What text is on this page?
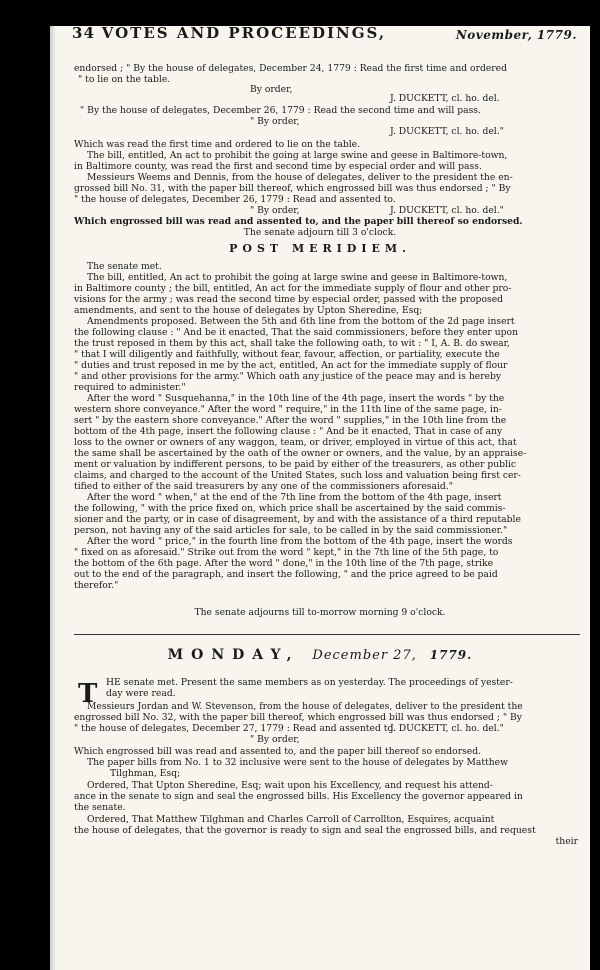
34 VOTES AND PROCEEDINGS,	November, 1779.
endorsed ; " By the house of delegates, December 24, 1779 : Read the first time and ordered
" to lie on the table.
By order,
J. DUCKETT, cl. ho. del.
" By the house of delegates, December 26, 1779 : Read the second time and will pass.
" By order,
J. DUCKETT, cl. ho. del."
Which was read the first time and ordered to lie on the table.
The bill, entitled, An act to prohibit the going at large swine and geese in Baltimore-town,
in Baltimore county, was read the first and second time by especial order and will pass.
Messieurs Weems and Dennis, from the house of delegates, deliver to the president the en-
grossed bill No. 31, with the paper bill thereof, which engrossed bill was thus endorsed ; " By
" the house of delegates, December 26, 1779 : Read and assented to.
" By order,	J. DUCKETT, cl. ho. del."
Which engrossed bill was read and assented to, and the paper bill thereof so endorsed.
The senate adjourn till 3 o'clock.
POST MERIDIEM.
The senate met.
The bill, entitled, An act to prohibit the going at large swine and geese in Baltimore-town,
in Baltimore county ; the bill, entitled, An act for the immediate supply of flour and other pro-
visions for the army ; was read the second time by especial order, passed with the proposed
amendments, and sent to the house of delegates by Upton Sheredine, Esq;
Amendments proposed. Between the 5th and 6th line from the bottom of the 2d page insert
the following clause : " And be it enacted, That the said commissioners, before they enter upon
the trust reposed in them by this act, shall take the following oath, to wit : " I, A. B. do swear,
" that I will diligently and faithfully, without fear, favour, affection, or partiality, execute the
" duties and trust reposed in me by the act, entitled, An act for the immediate supply of flour
" and other provisions for the army." Which oath any justice of the peace may and is hereby
required to administer."
After the word " Susquehanna," in the 10th line of the 4th page, insert the words " by the
western shore conveyance." After the word " require," in the 11th line of the same page, in-
sert " by the eastern shore conveyance." After the word " supplies," in the 10th line from the
bottom of the 4th page, insert the following clause : " And be it enacted, That in case of any
loss to the owner or owners of any waggon, team, or driver, employed in virtue of this act, that
the same shall be ascertained by the oath of the owner or owners, and the value, by an appraise-
ment or valuation by indifferent persons, to be paid by either of the treasurers, as other public
claims, and charged to the account of the United States, such loss and valuation being first cer-
tified to either of the said treasurers by any one of the commissioners aforesaid."
After the word " when," at the end of the 7th line from the bottom of the 4th page, insert
the following, " with the price fixed on, which price shall be ascertained by the said commis-
sioner and the party, or in case of disagreement, by and with the assistance of a third reputable
person, not having any of the said articles for sale, to be called in by the said commissioner."
After the word " price," in the fourth line from the bottom of the 4th page, insert the words
" fixed on as aforesaid." Strike out from the word " kept," in the 7th line of the 5th page, to
the bottom of the 6th page. After the word " done," in the 10th line of the 7th page, strike
out to the end of the paragraph, and insert the following, " and the price agreed to be paid
therefor."
The senate adjourns till to-morrow morning 9 o'clock.
MONDAY, December 27, 1779.
T HE senate met. Present the same members as on yesterday. The proceedings of yester-
day were read.
Messieurs Jordan and W. Stevenson, from the house of delegates, deliver to the president the
engrossed bill No. 32, with the paper bill thereof, which engrossed bill was thus endorsed ; " By
" the house of delegates, December 27, 1779 : Read and assented to.
" By order,
J. DUCKETT, cl. ho. del."
Which engrossed bill was read and assented to, and the paper bill thereof so endorsed.
The paper bills from No. 1 to 32 inclusive were sent to the house of delegates by Matthew
Tilghman, Esq;
Ordered, That Upton Sheredine, Esq; wait upon his Excellency, and request his attend-
ance in the senate to sign and seal the engrossed bills. His Excellency the governor appeared in
the senate.
Ordered, That Matthew Tilghman and Charles Carroll of Carrollton, Esquires, acquaint
the house of delegates, that the governor is ready to sign and seal the engrossed bills, and request
their
